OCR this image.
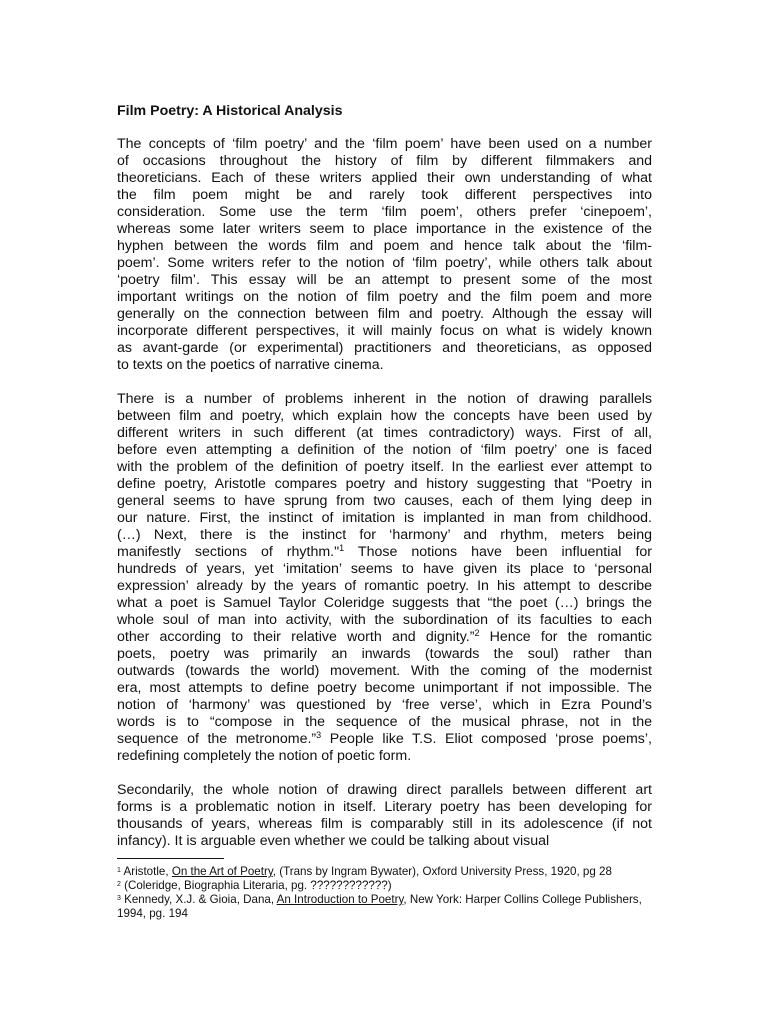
Film Poetry: A Historical Analysis
The concepts of ‘film poetry’ and the ‘film poem’ have been used on a number
of occasions throughout the history of film by different filmmakers and
theoreticians. Each of these writers applied their own understanding of what
the film poem might be and rarely took different perspectives into
consideration. Some use the term ‘film poem’, others prefer ‘cinepoem’,
whereas some later writers seem to place importance in the existence of the
hyphen between the words film and poem and hence talk about the ‘film-
poem’. Some writers refer to the notion of ‘film poetry’, while others talk about
‘poetry film’. This essay will be an attempt to present some of the most
important writings on the notion of film poetry and the film poem and more
generally on the connection between film and poetry. Although the essay will
incorporate different perspectives, it will mainly focus on what is widely known
as avant-garde (or experimental) practitioners and theoreticians, as opposed
to texts on the poetics of narrative cinema.
There is a number of problems inherent in the notion of drawing parallels
between film and poetry, which explain how the concepts have been used by
different writers in such different (at times contradictory) ways. First of all,
before even attempting a definition of the notion of ‘film poetry’ one is faced
with the problem of the definition of poetry itself. In the earliest ever attempt to
define poetry, Aristotle compares poetry and history suggesting that “Poetry in
general seems to have sprung from two causes, each of them lying deep in
our nature. First, the instinct of imitation is implanted in man from childhood.
(…) Next, there is the instinct for ‘harmony’ and rhythm, meters being
manifestly sections of rhythm."$^1$ Those notions have been influential for
hundreds of years, yet ‘imitation’ seems to have given its place to ‘personal
expression’ already by the years of romantic poetry. In his attempt to describe
what a poet is Samuel Taylor Coleridge suggests that “the poet (…) brings the
whole soul of man into activity, with the subordination of its faculties to each
other according to their relative worth and dignity.”$^2$ Hence for the romantic
poets, poetry was primarily an inwards (towards the soul) rather than
outwards (towards the world) movement. With the coming of the modernist
era, most attempts to define poetry become unimportant if not impossible. The
notion of ‘harmony’ was questioned by ‘free verse’, which in Ezra Pound’s
words is to “compose in the sequence of the musical phrase, not in the
sequence of the metronome.”$^3$ People like T.S. Eliot composed ‘prose poems’,
redefining completely the notion of poetic form.
Secondarily, the whole notion of drawing direct parallels between different art
forms is a problematic notion in itself. Literary poetry has been developing for
thousands of years, whereas film is comparably still in its adolescence (if not
infancy). It is arguable even whether we could be talking about visual

$^1$ Aristotle, On the Art of Poetry, (Trans by Ingram Bywater), Oxford University Press, 1920, pg 28

$^2$ (Coleridge, Biographia Literaria, pg. ????????????)

$^3$ Kennedy, X.J. & Gioia, Dana, An Introduction to Poetry, New York: Harper Collins College Publishers, 1994, pg. 194
